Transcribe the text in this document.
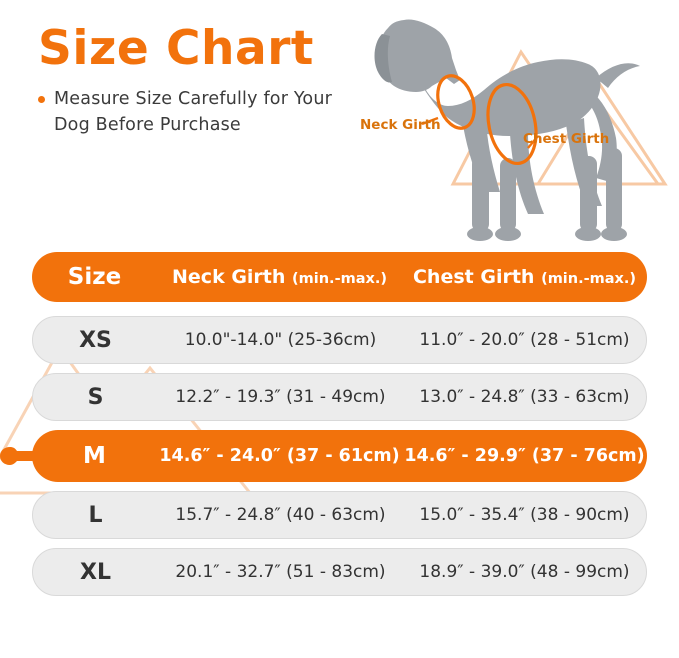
Size Chart
Measure Size Carefully for Your Dog Before Purchase	Neck Girth
Chest Girth
Size	Neck Girth (min.-max.)	Chest Girth (min.-max.)
XS	10.0"-14.0" (25-36cm)	11.0″ - 20.0″ (28 - 51cm)
S	12.2″ - 19.3″ (31 - 49cm)	13.0″ - 24.8″ (33 - 63cm)
M	14.6″ - 24.0″ (37 - 61cm) 14.6″ - 29.9″ (37 - 76cm)
L	15.7″ - 24.8″ (40 - 63cm)	15.0″ - 35.4″ (38 - 90cm)
XL	20.1″ - 32.7″ (51 - 83cm)	18.9″ - 39.0″ (48 - 99cm)
